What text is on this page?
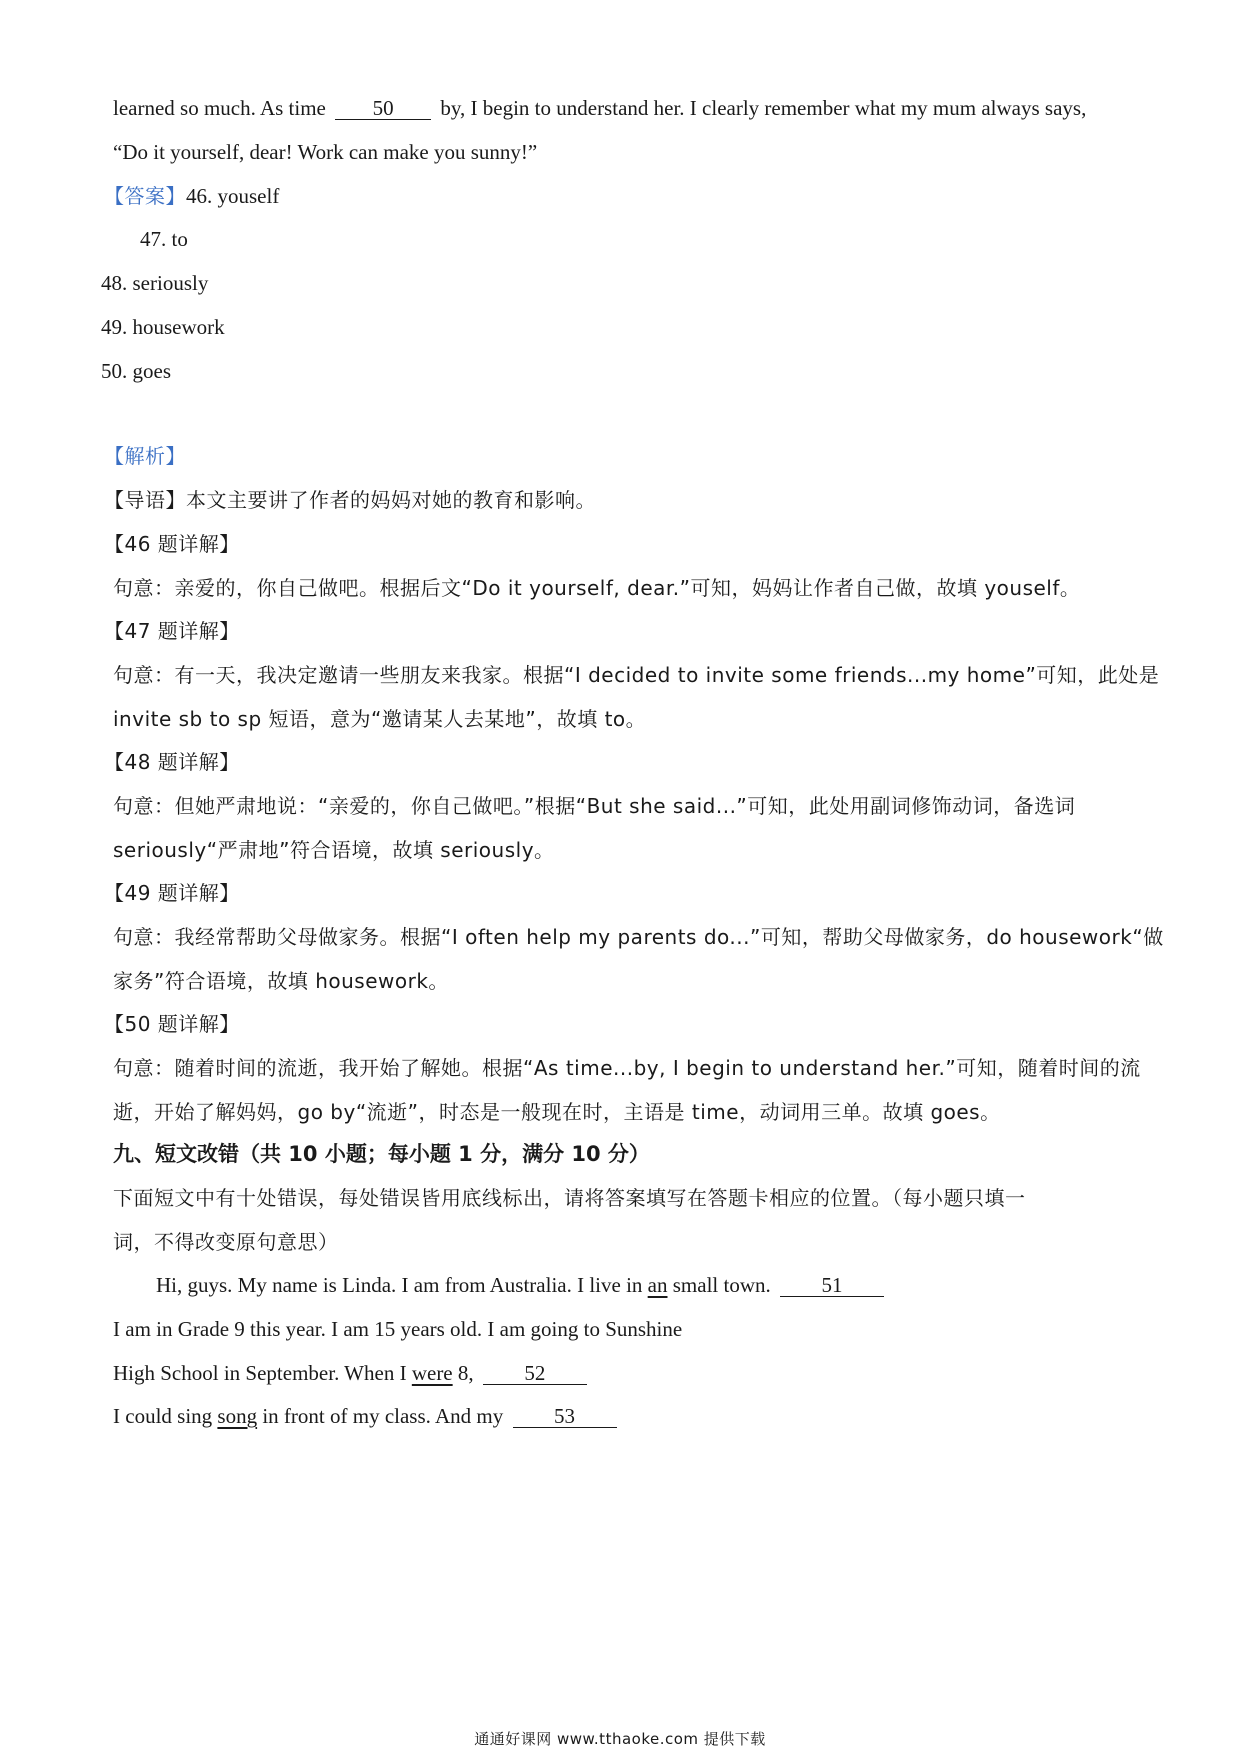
learned so much. As time 50 by, I begin to understand her. I clearly remember what my mum always says,
“Do it yourself, dear! Work can make you sunny!”
【答案】46. youself
47. to
48. seriously
49. housework
50. goes
【解析】
【导语】本文主要讲了作者的妈妈对她的教育和影响。
【46 题详解】
句意：亲爱的，你自己做吧。根据后文“Do it yourself, dear.”可知，妈妈让作者自己做，故填 youself。
【47 题详解】
句意：有一天，我决定邀请一些朋友来我家。根据“I decided to invite some friends...my home”可知，此处是
invite sb to sp 短语，意为“邀请某人去某地”，故填 to。
【48 题详解】
句意：但她严肃地说：“亲爱的，你自己做吧。”根据“But she said...”可知，此处用副词修饰动词，备选词
seriously“严肃地”符合语境，故填 seriously。
【49 题详解】
句意：我经常帮助父母做家务。根据“I often help my parents do...”可知，帮助父母做家务，do housework“做
家务”符合语境，故填 housework。
【50 题详解】
句意：随着时间的流逝，我开始了解她。根据“As time...by, I begin to understand her.”可知，随着时间的流
逝，开始了解妈妈，go by“流逝”，时态是一般现在时，主语是 time，动词用三单。故填 goes。
九、短文改错（共 10 小题；每小题 1 分，满分 10 分）
下面短文中有十处错误，每处错误皆用底线标出，请将答案填写在答题卡相应的位置。（每小题只填一
词，不得改变原句意思）
Hi, guys. My name is Linda. I am from Australia. I live in an small town. 51
I am in Grade 9 this year. I am 15 years old. I am going to Sunshine
High School in September. When I were 8, 52
I could sing song in front of my class. And my 53
通通好课网 www.tthaoke.com 提供下载
